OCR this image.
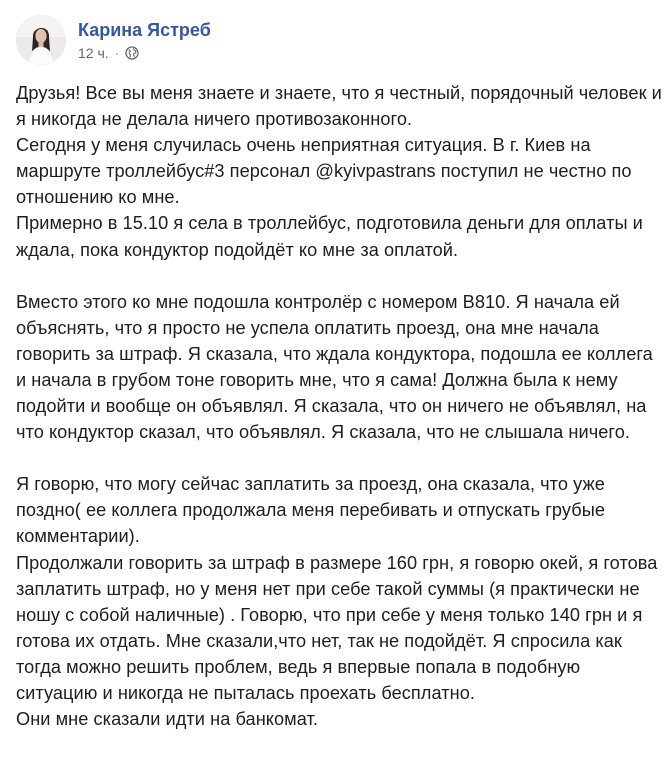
Карина Ястреб
12 ч. ·

Друзья! Все вы меня знаете и знаете, что я честный, порядочный человек и я никогда не делала ничего противозаконного.
Сегодня у меня случилась очень неприятная ситуация. В г. Киев на маршруте троллейбус#3 персонал @kyivpastrans поступил не честно по отношению ко мне.
Примерно в 15.10 я села в троллейбус, подготовила деньги для оплаты и ждала, пока кондуктор подойдёт ко мне за оплатой.

Вместо этого ко мне подошла контролёр с номером В810. Я начала ей объяснять, что я просто не успела оплатить проезд, она мне начала говорить за штраф. Я сказала, что ждала кондуктора, подошла ее коллега и начала в грубом тоне говорить мне, что я сама! Должна была к нему подойти и вообще он объявлял. Я сказала, что он ничего не объявлял, на что кондуктор сказал, что объявлял. Я сказала, что не слышала ничего.

Я говорю, что могу сейчас заплатить за проезд, она сказала, что уже поздно( ее коллега продолжала меня перебивать и отпускать грубые комментарии).
Продолжали говорить за штраф в размере 160 грн, я говорю окей, я готова заплатить штраф, но у меня нет при себе такой суммы (я практически не ношу с собой наличные) . Говорю, что при себе у меня только 140 грн и я готова их отдать. Мне сказали,что нет, так не подойдёт. Я спросила как тогда можно решить проблем, ведь я впервые попала в подобную ситуацию и никогда не пыталась проехать бесплатно.
Они мне сказали идти на банкомат.
